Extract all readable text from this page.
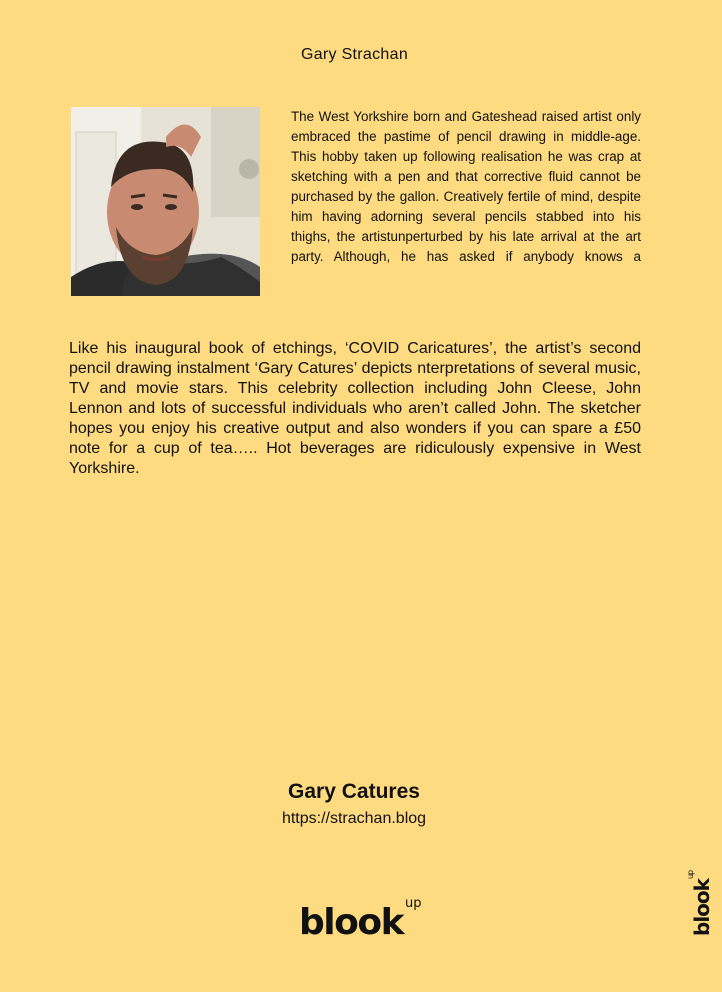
Gary Strachan
The West Yorkshire born and Gateshead raised artist only embraced the pastime of pencil drawing in middle-age. This hobby taken up following realisation he was crap at sketching with a pen and that corrective fluid cannot be purchased by the gallon. Creatively fertile of mind, despite him having adorning several pencils stabbed into his thighs, the artistunperturbed by his late arrival at the art party. Although, he has asked if anybody knows a
Like his inaugural book of etchings, ‘COVID Caricatures’, the artist’s second pencil drawing instalment ‘Gary Catures’ depicts nterpretations of several music, TV and movie stars. This celebrity collection including John Cleese, John Lennon and lots of successful individuals who aren’t called John. The sketcher hopes you enjoy his creative output and also wonders if you can spare a £50 note for a cup of tea….. Hot beverages are ridiculously expensive in West Yorkshire.
Gary Catures
https://strachan.blog
blook $^{up}$	blook$^{up}$
